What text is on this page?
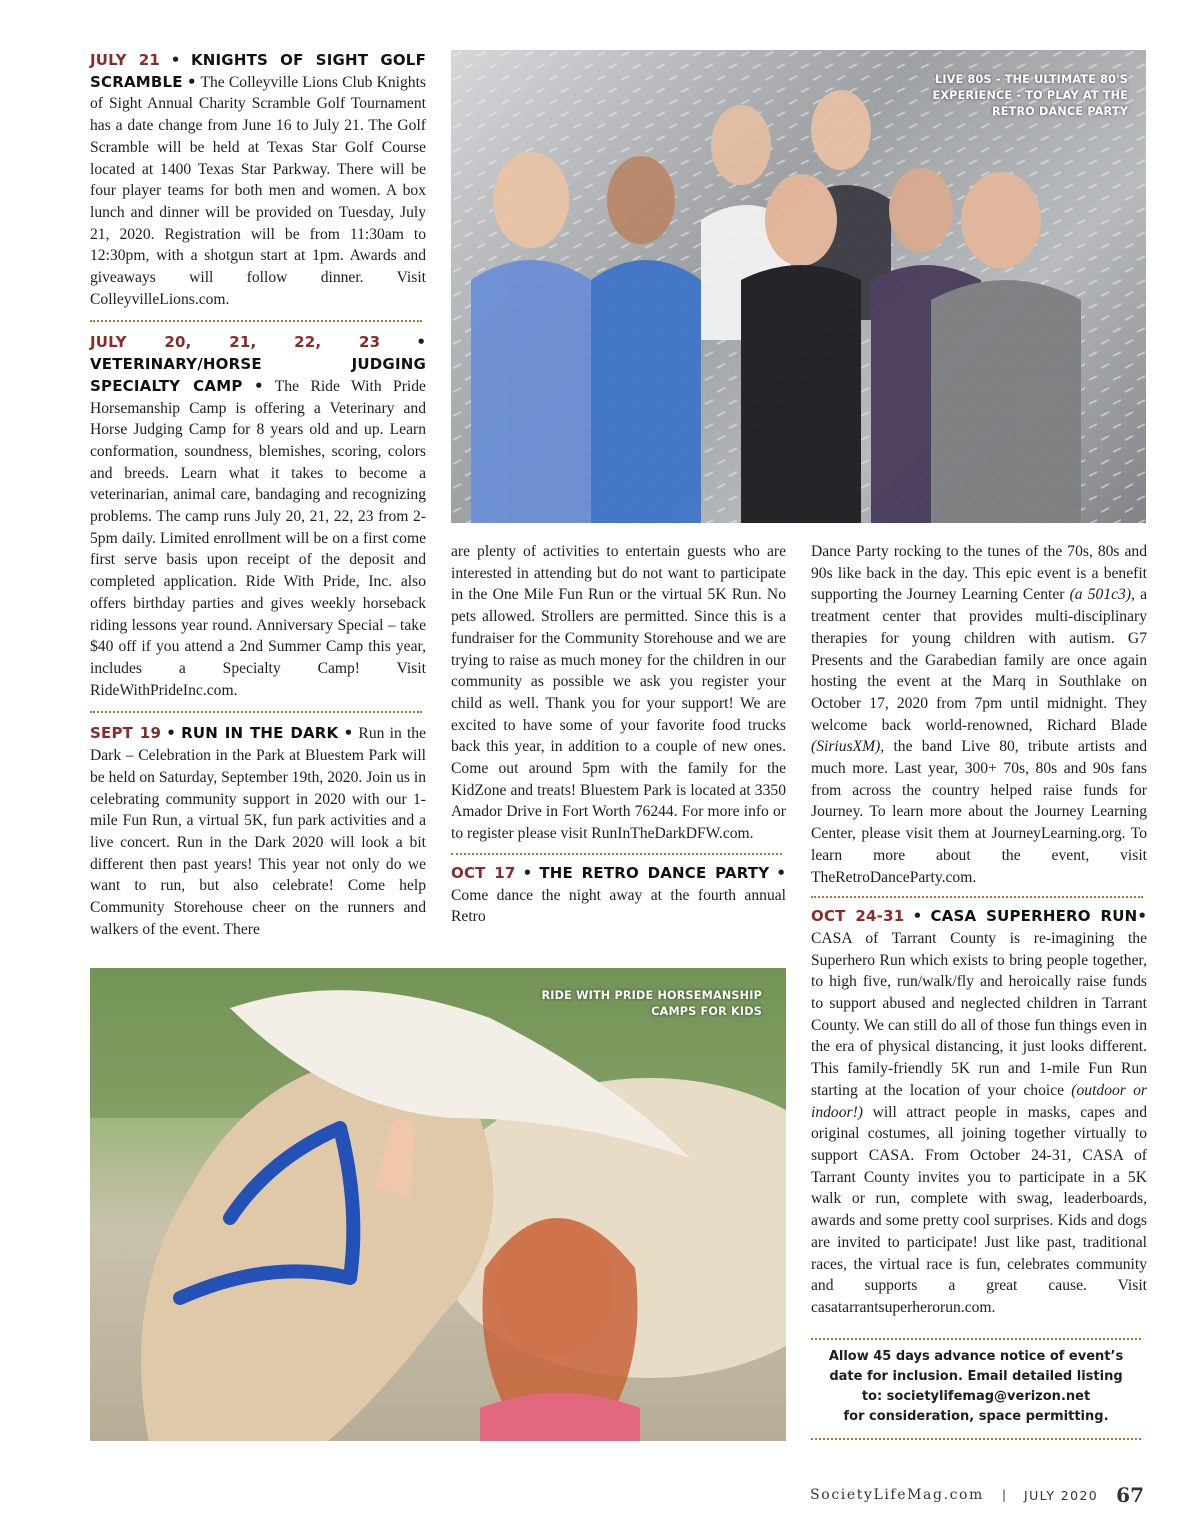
JULY 21 • KNIGHTS OF SIGHT GOLF SCRAMBLE • The Colleyville Lions Club Knights of Sight Annual Charity Scramble Golf Tournament has a date change from June 16 to July 21. The Golf Scramble will be held at Texas Star Golf Course located at 1400 Texas Star Parkway. There will be four player teams for both men and women. A box lunch and dinner will be provided on Tuesday, July 21, 2020. Registration will be from 11:30am to 12:30pm, with a shotgun start at 1pm. Awards and giveaways will follow dinner. Visit ColleyvilleLions.com.

JULY 20, 21, 22, 23 • VETERINARY/HORSE JUDGING SPECIALTY CAMP • The Ride With Pride Horsemanship Camp is offering a Veterinary and Horse Judging Camp for 8 years old and up. Learn conformation, soundness, blemishes, scoring, colors and breeds. Learn what it takes to become a veterinarian, animal care, bandaging and recognizing problems. The camp runs July 20, 21, 22, 23 from 2-5pm daily. Limited enrollment will be on a first come first serve basis upon receipt of the deposit and completed application. Ride With Pride, Inc. also offers birthday parties and gives weekly horseback riding lessons year round. Anniversary Special – take $40 off if you attend a 2nd Summer Camp this year, includes a Specialty Camp! Visit RideWithPrideInc.com.

SEPT 19 • RUN IN THE DARK • Run in the Dark – Celebration in the Park at Bluestem Park will be held on Saturday, September 19th, 2020. Join us in celebrating community support in 2020 with our 1-mile Fun Run, a virtual 5K, fun park activities and a live concert. Run in the Dark 2020 will look a bit different then past years! This year not only do we want to run, but also celebrate! Come help Community Storehouse cheer on the runners and walkers of the event. There

LIVE 80S - THE ULTIMATE 80'S EXPERIENCE - TO PLAY AT THE RETRO DANCE PARTY

are plenty of activities to entertain guests who are interested in attending but do not want to participate in the One Mile Fun Run or the virtual 5K Run. No pets allowed. Strollers are permitted. Since this is a fundraiser for the Community Storehouse and we are trying to raise as much money for the children in our community as possible we ask you register your child as well. Thank you for your support! We are excited to have some of your favorite food trucks back this year, in addition to a couple of new ones. Come out around 5pm with the family for the KidZone and treats! Bluestem Park is located at 3350 Amador Drive in Fort Worth 76244. For more info or to register please visit RunInTheDarkDFW.com.

OCT 17 • THE RETRO DANCE PARTY • Come dance the night away at the fourth annual Retro

Dance Party rocking to the tunes of the 70s, 80s and 90s like back in the day. This epic event is a benefit supporting the Journey Learning Center (a 501c3), a treatment center that provides multi-disciplinary therapies for young children with autism. G7 Presents and the Garabedian family are once again hosting the event at the Marq in Southlake on October 17, 2020 from 7pm until midnight. They welcome back world-renowned, Richard Blade (SiriusXM), the band Live 80, tribute artists and much more. Last year, 300+ 70s, 80s and 90s fans from across the country helped raise funds for Journey. To learn more about the Journey Learning Center, please visit them at JourneyLearning.org. To learn more about the event, visit TheRetroDanceParty.com.

OCT 24-31 • CASA SUPERHERO RUN• CASA of Tarrant County is re-imagining the Superhero Run which exists to bring people together, to high five, run/walk/fly and heroically raise funds to support abused and neglected children in Tarrant County. We can still do all of those fun things even in the era of physical distancing, it just looks different. This family-friendly 5K run and 1-mile Fun Run starting at the location of your choice (outdoor or indoor!) will attract people in masks, capes and original costumes, all joining together virtually to support CASA. From October 24-31, CASA of Tarrant County invites you to participate in a 5K walk or run, complete with swag, leaderboards, awards and some pretty cool surprises. Kids and dogs are invited to participate! Just like past, traditional races, the virtual race is fun, celebrates community and supports a great cause. Visit casatarrantsuperherorun.com.

RIDE WITH PRIDE HORSEMANSHIP CAMPS FOR KIDS
Allow 45 days advance notice of event’s
date for inclusion. Email detailed listing
to: societylifemag@verizon.net
for consideration, space permitting.
SocietyLifeMag.com | JULY 2020 67
